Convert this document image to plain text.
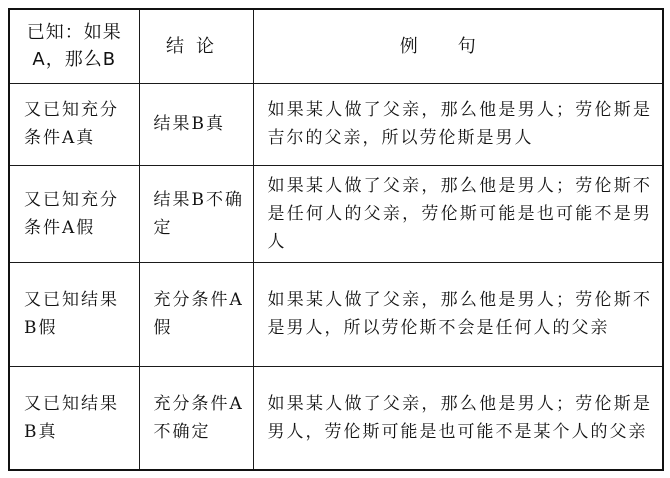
已知：如果A，那么B	结论	例句
又已知充分条件A真	结果B真	如果某人做了父亲，那么他是男人；劳伦斯是吉尔的父亲，所以劳伦斯是男人
又已知充分条件A假	结果B不确定	如果某人做了父亲，那么他是男人；劳伦斯不是任何人的父亲，劳伦斯可能是也可能不是男人
又已知结果B假	充分条件A假	如果某人做了父亲，那么他是男人；劳伦斯不是男人，所以劳伦斯不会是任何人的父亲
又已知结果B真	充分条件A不确定	如果某人做了父亲，那么他是男人；劳伦斯是男人，劳伦斯可能是也可能不是某个人的父亲
